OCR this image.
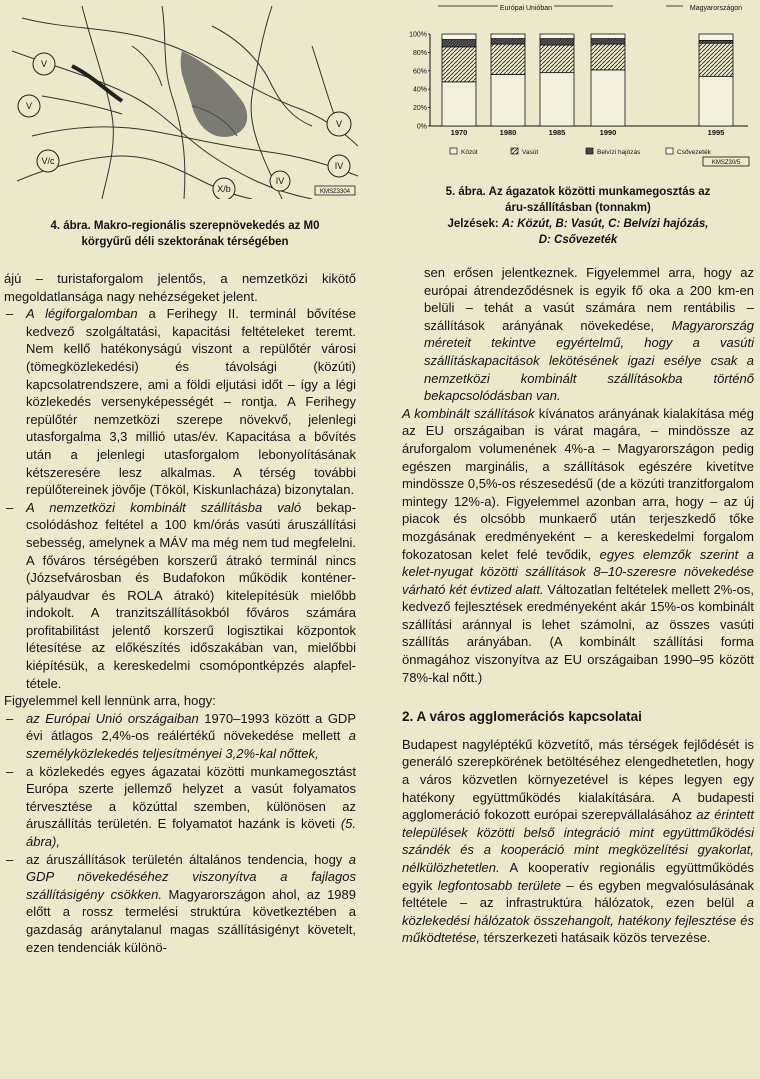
V
V
V/c
V
IV
X/b
IV
KMSZ3304
4. ábra. Makro-regionális szerepnövekedés az M0
körgyűrű déli szektorának térségében
Európai Unióban	Magyarországon
100%
80%
60%
40%
20%
0%
1970	1980	1985	1990	1995
Közút	Vasút	Belvízi hajózás	Csővezeték
KMSZ30/5
5. ábra. Az ágazatok közötti munkamegosztás az
áru-szállításban (tonnakm)
Jelzések: A: Közút, B: Vasút, C: Belvízi hajózás,
D: Csővezeték

ájú – turistaforgalom jelentős, a nemzetközi kikötő megoldatlansága nagy nehézségeket jelent.

– A légiforgalomban a Ferihegy II. terminál bővítése kedvező szolgáltatási, kapacitási feltételeket teremt. Nem kellő hatékonyságú viszont a repülőtér városi (tömegközlekedési) és távolsági (közúti) kapcsolatrendszere, ami a földi eljutási időt – így a légi közlekedés versenyképességét – rontja. A Ferihegy repülőtér nemzetközi szerepe növekvő, jelenlegi utasforgalma 3,3 millió utas/év. Kapacitása a bővítés után a jelenlegi utasforgalom lebonyolításának kétszeresére lesz alkalmas. A térség további repülőtereinek jövője (Tököl, Kiskunlacháza) bizonytalan.

– A nemzetközi kombinált szállításba való bekapcsolódáshoz feltétel a 100 km/órás vasúti áruszállítási sebesség, amelynek a MÁV ma még nem tud megfelelni. A főváros térségében korszerű átrakó terminál nincs (Józsefvárosban és Budafokon működik konténer-pályaudvar és ROLA átrakó) kitelepítésük mielőbb indokolt. A tranzitszállításokból főváros számára profitabilitást jelentő korszerű logisztikai központok létesítése az előkészítés időszakában van, mielőbbi kiépítésük, a kereskedelmi csomópontképzés alapfeltétele.

Figyelemmel kell lennünk arra, hogy:

– az Európai Unió országaiban 1970–1993 között a GDP évi átlagos 2,4%-os reálértékű növekedése mellett a személyközlekedés teljesítményei 3,2%-kal nőttek,

– a közlekedés egyes ágazatai közötti munkamegosztást Európa szerte jellemző helyzet a vasút folyamatos térvesztése a közúttal szemben, különösen az áruszállítás területén. E folyamatot hazánk is követi (5. ábra),

– az áruszállítások területén általános tendencia, hogy a GDP növekedéséhez viszonyítva a fajlagos szállításigény csökken. Magyarországon ahol, az 1989 előtt a rossz termelési struktúra következtében a gazdaság aránytalanul magas szállításigényt követelt, ezen tendenciák különö-

sen erősen jelentkeznek. Figyelemmel arra, hogy az európai átrendeződésnek is egyik fő oka a 200 km-en belüli – tehát a vasút számára nem rentábilis – szállítások arányának növekedése, Magyarország méreteit tekintve egyértelmű, hogy a vasúti szállításkapacitások lekötésének igazi esélye csak a nemzetközi kombinált szállításokba történő bekapcsolódásban van.

A kombinált szállítások kívánatos arányának kialakítása még az EU országaiban is várat magára, – mindössze az áruforgalom volumenének 4%-a – Magyarországon pedig egészen marginális, a szállítások egészére kivetítve mindössze 0,5%-os részesedésű (de a közúti tranzitforgalom mintegy 12%-a). Figyelemmel azonban arra, hogy – az új piacok és olcsóbb munkaerő után terjeszkedő tőke mozgásának eredményeként – a kereskedelmi forgalom fokozatosan kelet felé tevődik, egyes elemzők szerint a kelet-nyugat közötti szállítások 8–10-szeresre növekedése várható két évtized alatt. Változatlan feltételek mellett 2%-os, kedvező fejlesztések eredményeként akár 15%-os kombinált szállítási aránnyal is lehet számolni, az összes vasúti szállítás arányában. (A kombinált szállítási forma önmagához viszonyítva az EU országaiban 1990–95 között 78%-kal nőtt.)

2. A város agglomerációs kapcsolatai

Budapest nagyléptékű közvetítő, más térségek fejlődését is generáló szerepkörének betöltéséhez elengedhetetlen, hogy a város közvetlen környezetével is képes legyen egy hatékony együttműködés kialakítására. A budapesti agglomeráció fokozott európai szerepvállalásához az érintett települések közötti belső integráció mint együttműködési szándék és a kooperáció mint megközelítési gyakorlat, nélkülözhetetlen. A kooperatív regionális együttműködés egyik legfontosabb területe – és egyben megvalósulásának feltétele – az infrastruktúra hálózatok, ezen belül a közlekedési hálózatok összehangolt, hatékony fejlesztése és működtetése, térszerkezeti hatásaik közös tervezése.
